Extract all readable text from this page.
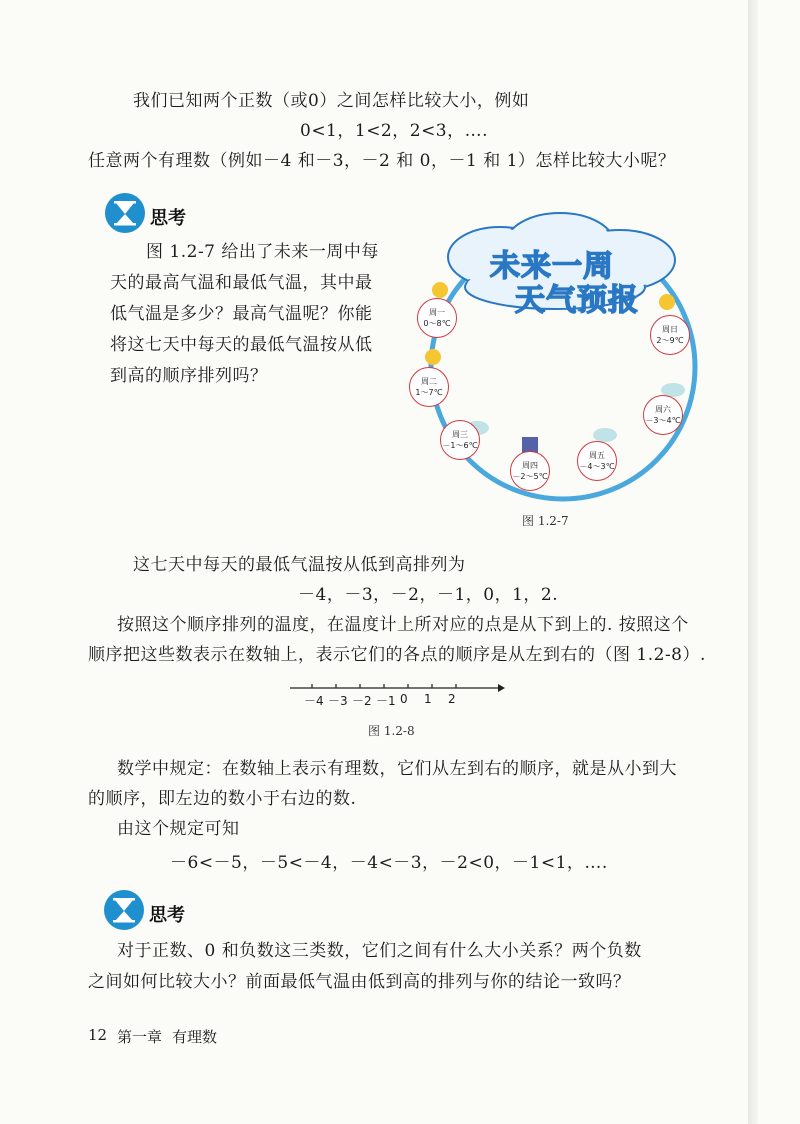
我们已知两个正数（或0）之间怎样比较大小，例如
0<1，1<2，2<3，….
任意两个有理数（例如－4 和－3，－2 和 0，－1 和 1）怎样比较大小呢？
思考
图 1.2-7 给出了未来一周中每
天的最高气温和最低气温，其中最
低气温是多少？最高气温呢？你能
将这七天中每天的最低气温按从低
到高的顺序排列吗？
未来一周
天气预报
周一
0～8℃
周二
1～7℃
周三
－1～6℃
周四
－2～5℃
周五
－4～3℃
周六
－3～4℃
周日
2～9℃
图 1.2-7
这七天中每天的最低气温按从低到高排列为
－4，－3，－2，－1，0，1，2.
按照这个顺序排列的温度，在温度计上所对应的点是从下到上的. 按照这个
顺序把这些数表示在数轴上，表示它们的各点的顺序是从左到右的（图 1.2-8）.
－4 －3 －2 －1 0 1 2
图 1.2-8
数学中规定：在数轴上表示有理数，它们从左到右的顺序，就是从小到大
的顺序，即左边的数小于右边的数.
由这个规定可知
－6<－5，－5<－4，－4<－3，－2<0，－1<1，….
思考
对于正数、0 和负数这三类数，它们之间有什么大小关系？两个负数
之间如何比较大小？前面最低气温由低到高的排列与你的结论一致吗？
12 第一章 有理数
